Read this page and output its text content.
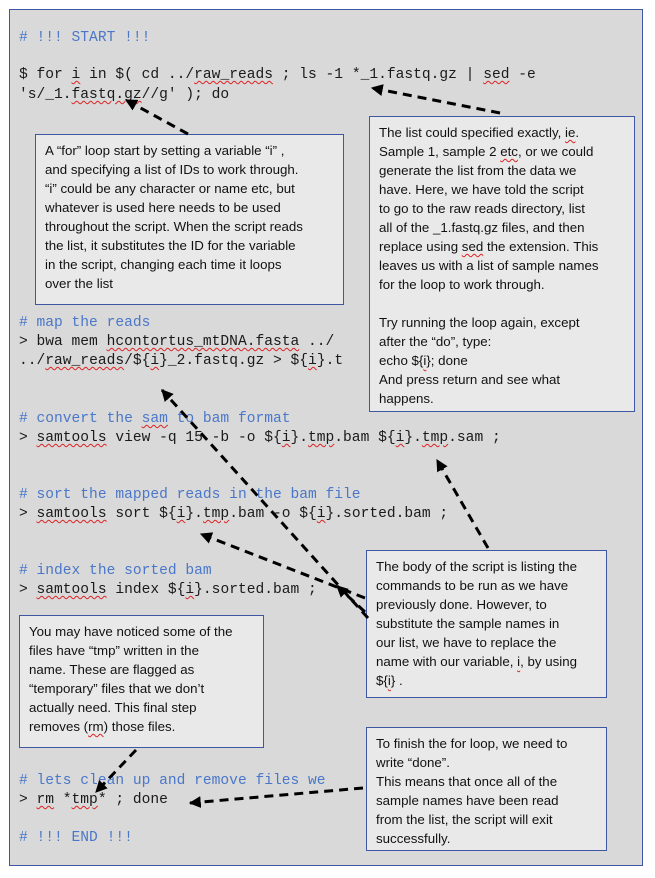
# !!! START !!!

$ for i in $( cd ../raw_reads ; ls -1 *_1.fastq.gz | sed -e

's/_1.fastq.gz//g' ); do

# map the reads

> bwa mem hcontortus_mtDNA.fasta ../

../raw_reads/${i}_2.fastq.gz > ${i}.t

# convert the sam to bam format

> samtools view -q 15 -b -o ${i}.tmp.bam ${i}.tmp.sam ;

# sort the mapped reads in the bam file

> samtools sort ${i}.tmp.bam -o ${i}.sorted.bam ;

# index the sorted bam

> samtools index ${i}.sorted.bam ;

# lets clean up and remove files we

> rm *tmp* ; done

# !!! END !!!

A “for” loop start by setting a variable “i” ,

and specifying a list of IDs to work through.

“i” could be any character or name etc, but

whatever is used here needs to be used

throughout the script. When the script reads

the list, it substitutes the ID for the variable

in the script, changing each time it loops

over the list

The list could specified exactly, ie.

Sample 1, sample 2 etc, or we could

generate the list from the data we

have. Here, we have told the script

to go to the raw reads directory, list

all of the _1.fastq.gz files, and then

replace using sed the extension. This

leaves us with a list of sample names

for the loop to work through.

Try running the loop again, except

after the “do”, type:

echo ${i}; done

And press return and see what

happens.

The body of the script is listing the

commands to be run as we have

previously done. However, to

substitute the sample names in

our list, we have to replace the

name with our variable, i, by using

${i} .

You may have noticed some of the

files have “tmp” written in the

name. These are flagged as

“temporary” files that we don’t

actually need. This final step

removes (rm) those files.

To finish the for loop, we need to

write “done”.

This means that once all of the

sample names have been read

from the list, the script will exit

successfully.
